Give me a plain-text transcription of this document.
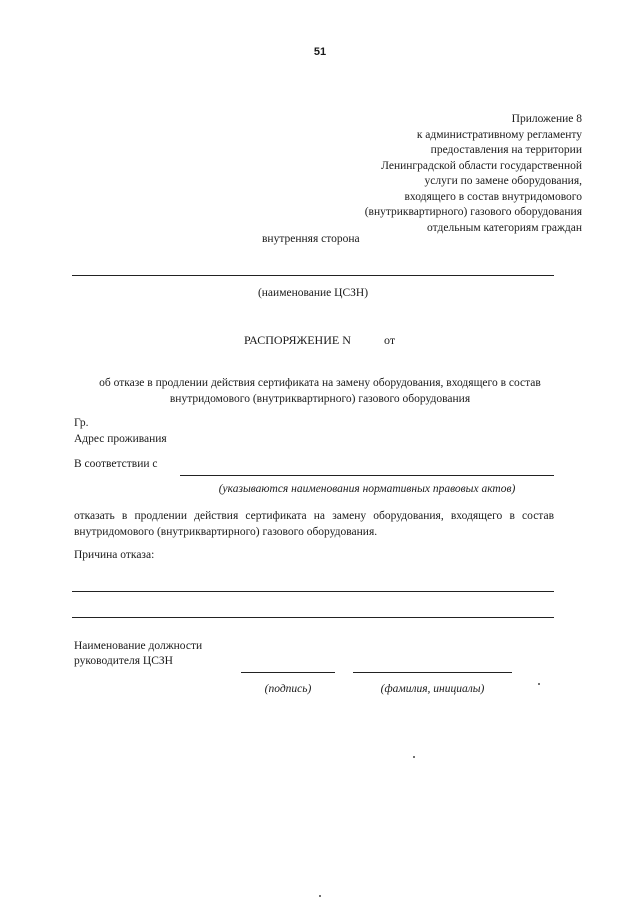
51
Приложение 8
к административному регламенту
предоставления на территории
Ленинградской области государственной
услуги по замене оборудования,
входящего в состав внутридомового
(внутриквартирного) газового оборудования
отдельным категориям граждан
внутренняя сторона
(наименование ЦСЗН)
РАСПОРЯЖЕНИЕ N	от
об отказе в продлении действия сертификата на замену оборудования, входящего в состав внутридомового (внутриквартирного) газового оборудования
Гр.
Адрес проживания
В соответствии с
(указываются наименования нормативных правовых актов)
отказать в продлении действия сертификата на замену оборудования, входящего в состав внутридомового (внутриквартирного) газового оборудования.
Причина отказа:
Наименование должности
руководителя ЦСЗН
(подпись)	(фамилия, инициалы)
